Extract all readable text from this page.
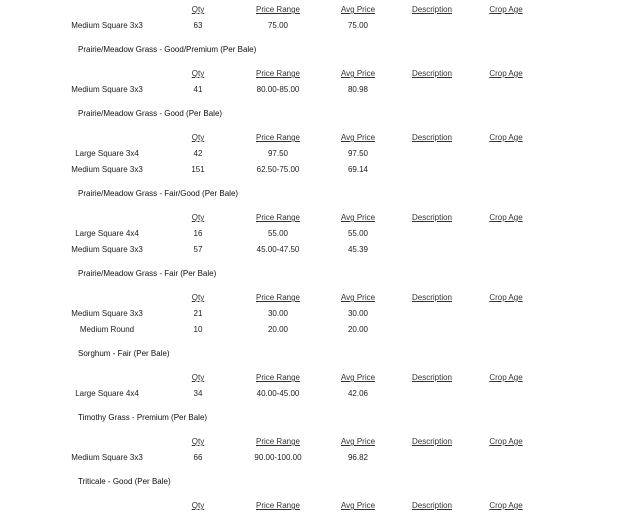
Qty	Price Range	Avg Price	Description	Crop Age
Medium Square 3x3	63	75.00	75.00
Prairie/Meadow Grass - Good/Premium (Per Bale)
Qty	Price Range	Avg Price	Description	Crop Age
Medium Square 3x3	41	80.00-85.00	80.98
Prairie/Meadow Grass - Good (Per Bale)
Qty	Price Range	Avg Price	Description	Crop Age
Large Square 3x4	42	97.50	97.50
Medium Square 3x3	151	62.50-75.00	69.14
Prairie/Meadow Grass - Fair/Good (Per Bale)
Qty	Price Range	Avg Price	Description	Crop Age
Large Square 4x4	16	55.00	55.00
Medium Square 3x3	57	45.00-47.50	45.39
Prairie/Meadow Grass - Fair (Per Bale)
Qty	Price Range	Avg Price	Description	Crop Age
Medium Square 3x3	21	30.00	30.00
Medium Round	10	20.00	20.00
Sorghum - Fair (Per Bale)
Qty	Price Range	Avg Price	Description	Crop Age
Large Square 4x4	34	40.00-45.00	42.06
Timothy Grass - Premium (Per Bale)
Qty	Price Range	Avg Price	Description	Crop Age
Medium Square 3x3	66	90.00-100.00	96.82
Triticale - Good (Per Bale)
Qty	Price Range	Avg Price	Description	Crop Age
